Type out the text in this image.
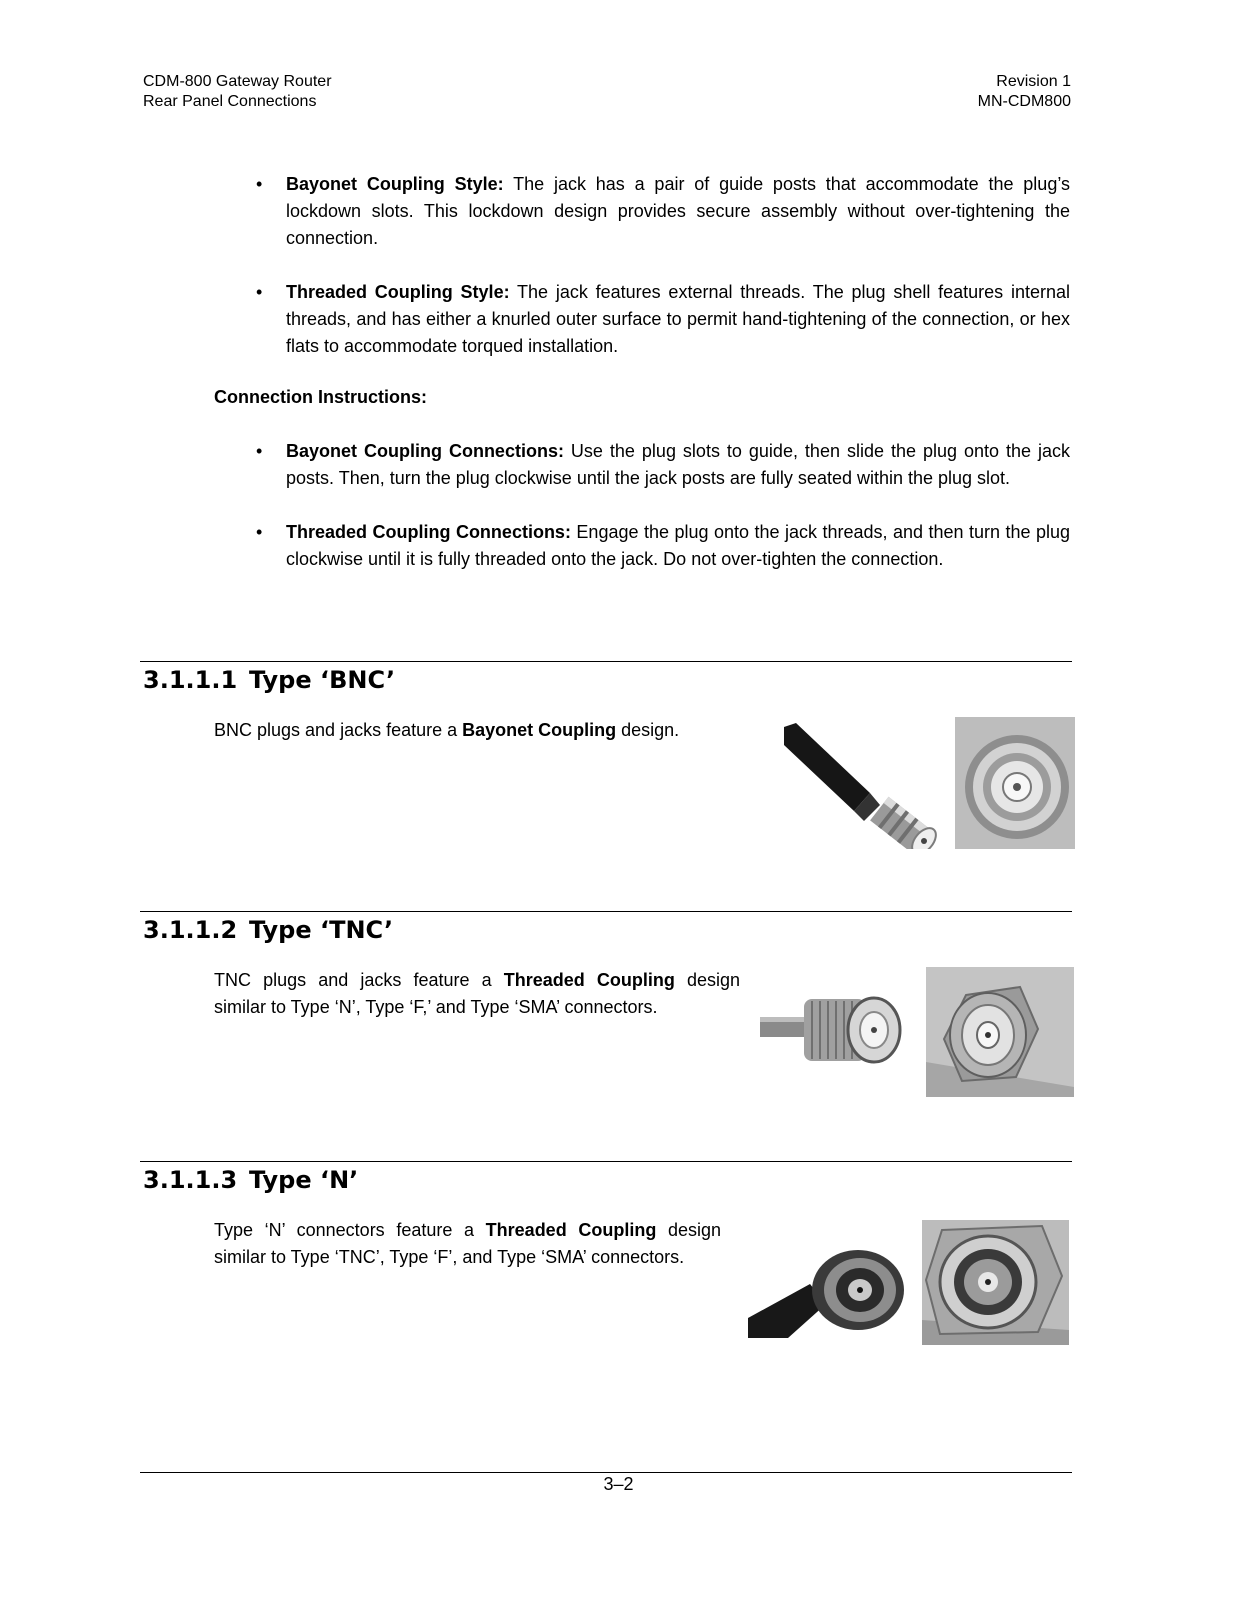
CDM-800 Gateway Router
Rear Panel Connections
Revision 1
MN-CDM800
• Bayonet Coupling Style: The jack has a pair of guide posts that accommodate the plug’s lockdown slots. This lockdown design provides secure assembly without over-tightening the connection.
• Threaded Coupling Style: The jack features external threads. The plug shell features internal threads, and has either a knurled outer surface to permit hand-tightening of the connection, or hex flats to accommodate torqued installation.
Connection Instructions:
• Bayonet Coupling Connections: Use the plug slots to guide, then slide the plug onto the jack posts. Then, turn the plug clockwise until the jack posts are fully seated within the plug slot.
• Threaded Coupling Connections: Engage the plug onto the jack threads, and then turn the plug clockwise until it is fully threaded onto the jack. Do not over-tighten the connection.
3.1.1.1 Type ‘BNC’
BNC plugs and jacks feature a Bayonet Coupling design.
3.1.1.2 Type ‘TNC’
TNC plugs and jacks feature a Threaded Coupling design similar to Type ‘N’, Type ‘F,’ and Type ‘SMA’ connectors.
3.1.1.3 Type ‘N’
Type ‘N’ connectors feature a Threaded Coupling design similar to Type ‘TNC’, Type ‘F’, and Type ‘SMA’ connectors.
3–2
